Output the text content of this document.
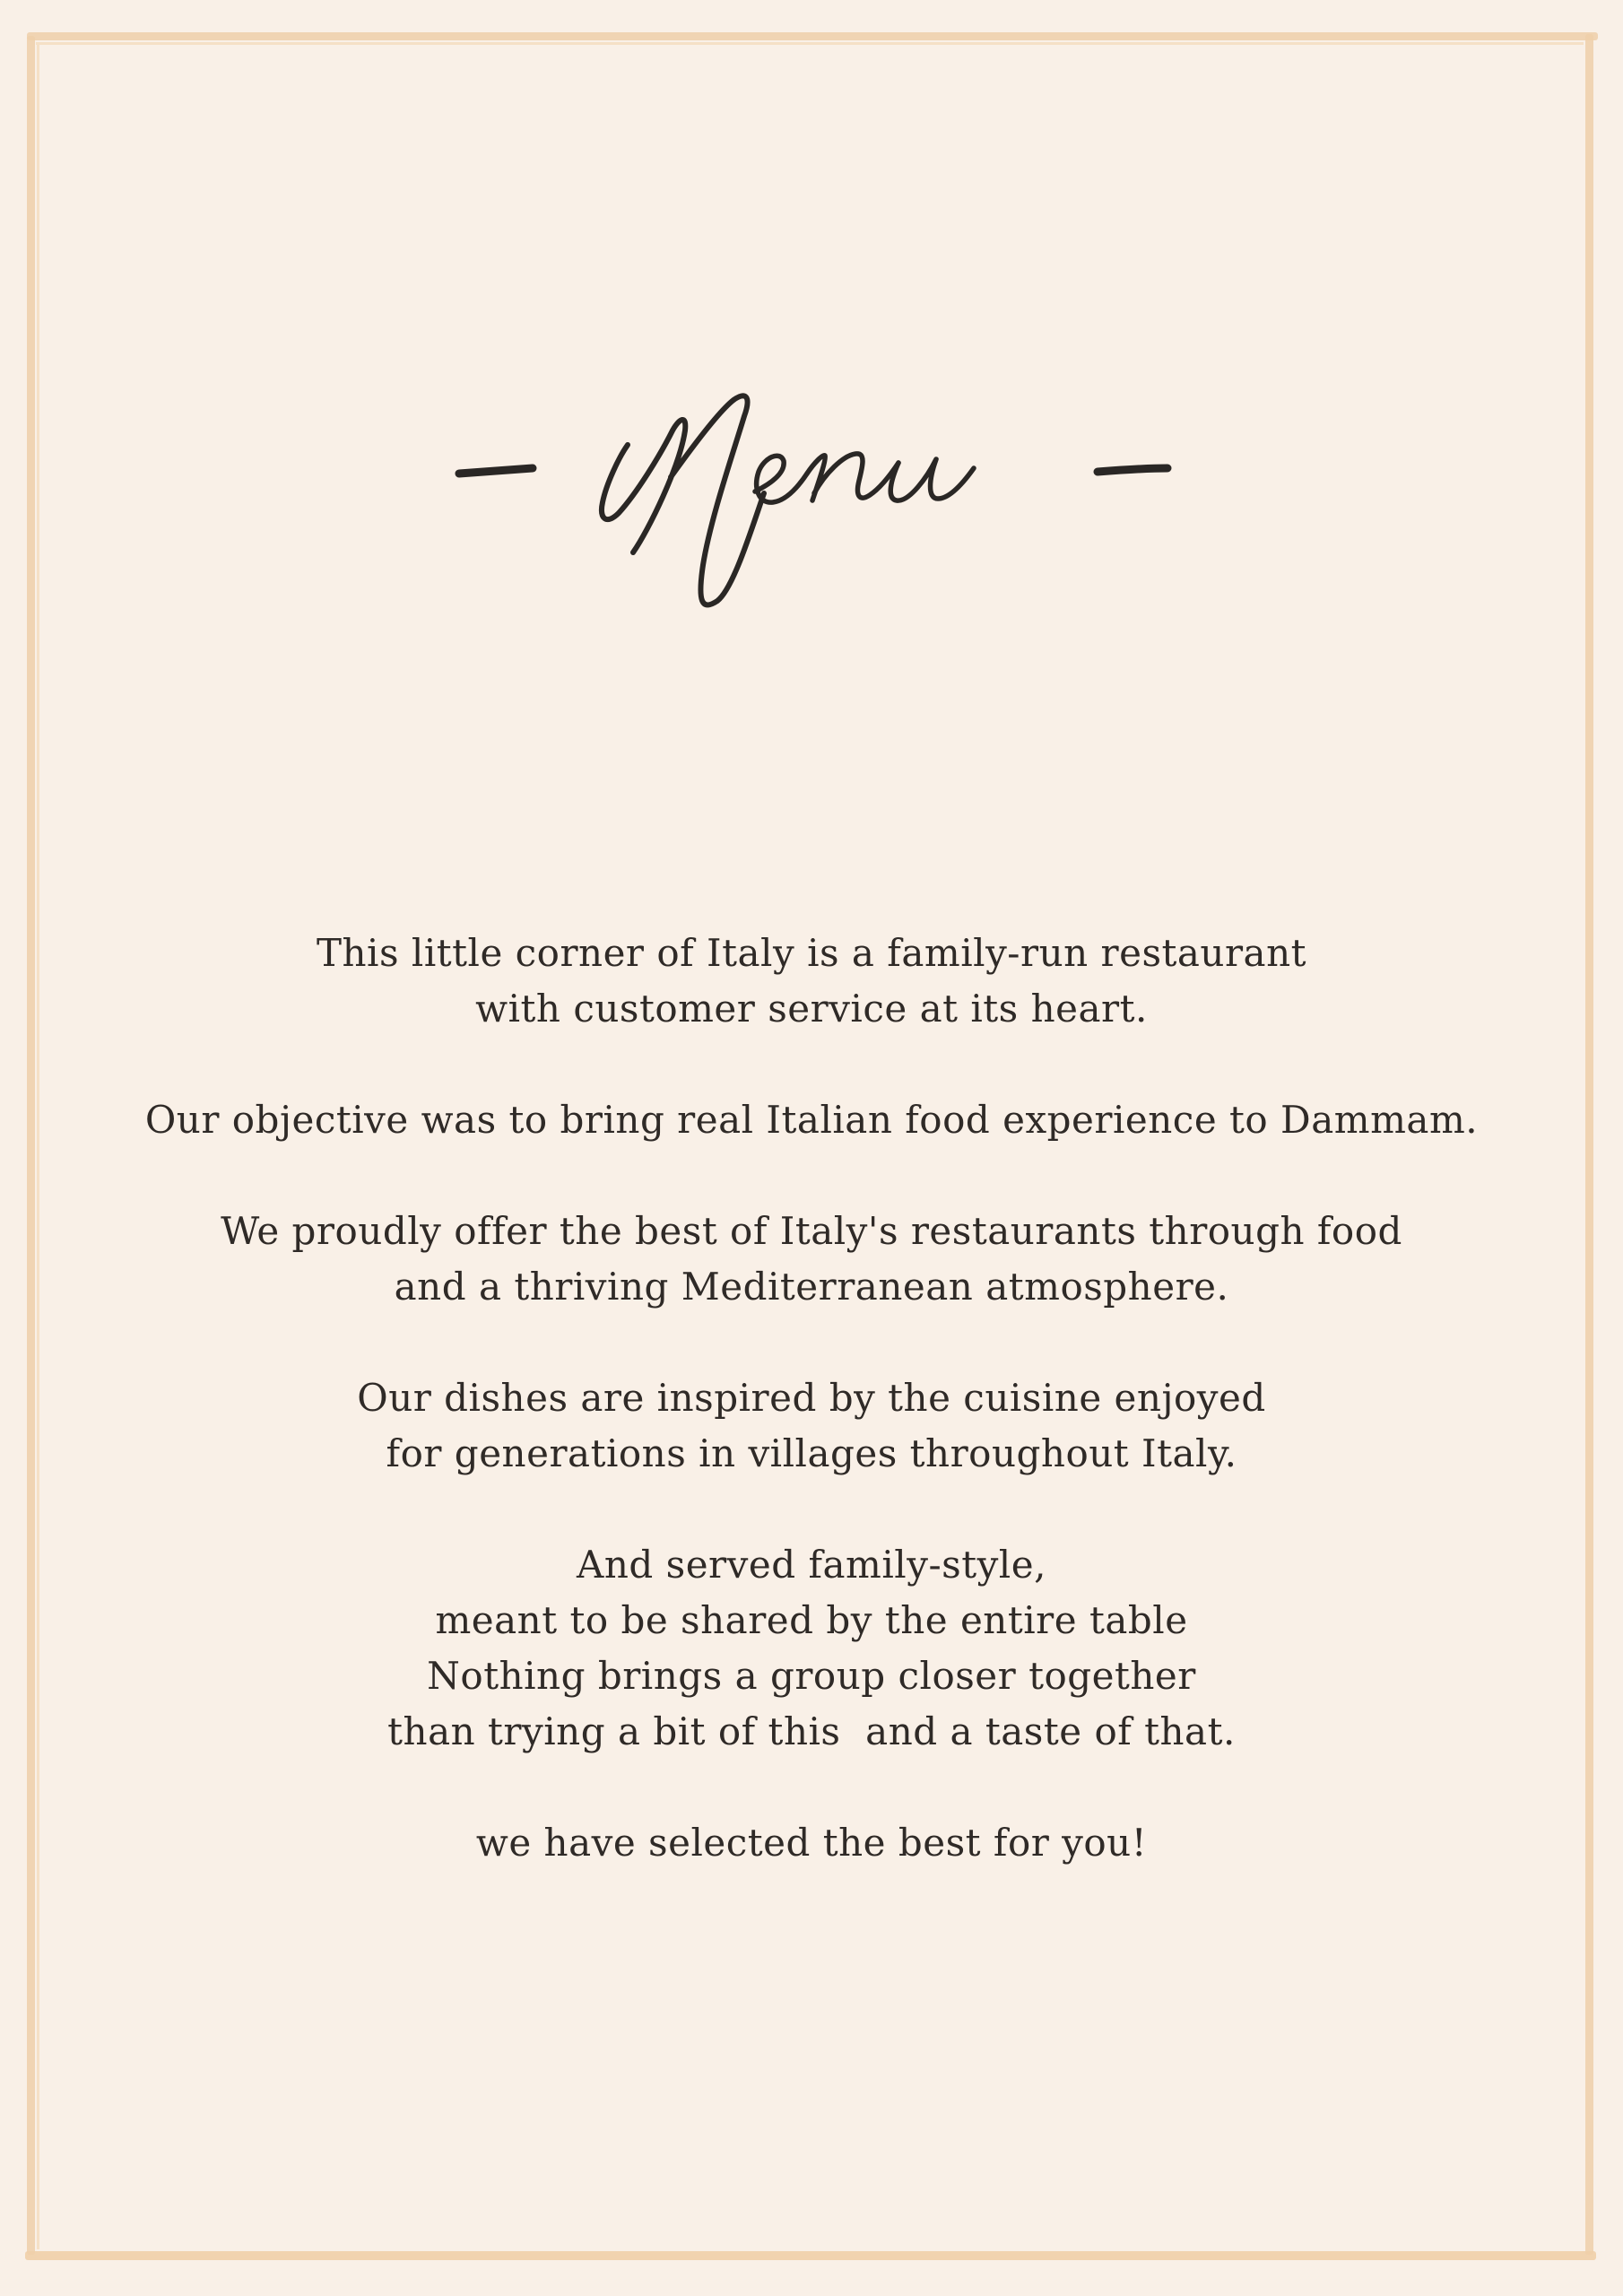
This little corner of Italy is a family-run restaurant
with customer service at its heart.
Our objective was to bring real Italian food experience to Dammam.
We proudly offer the best of Italy's restaurants through food
and a thriving Mediterranean atmosphere.
Our dishes are inspired by the cuisine enjoyed
for generations in villages throughout Italy.
And served family-style,
meant to be shared by the entire table
Nothing brings a group closer together
than trying a bit of this  and a taste of that.
we have selected the best for you!
